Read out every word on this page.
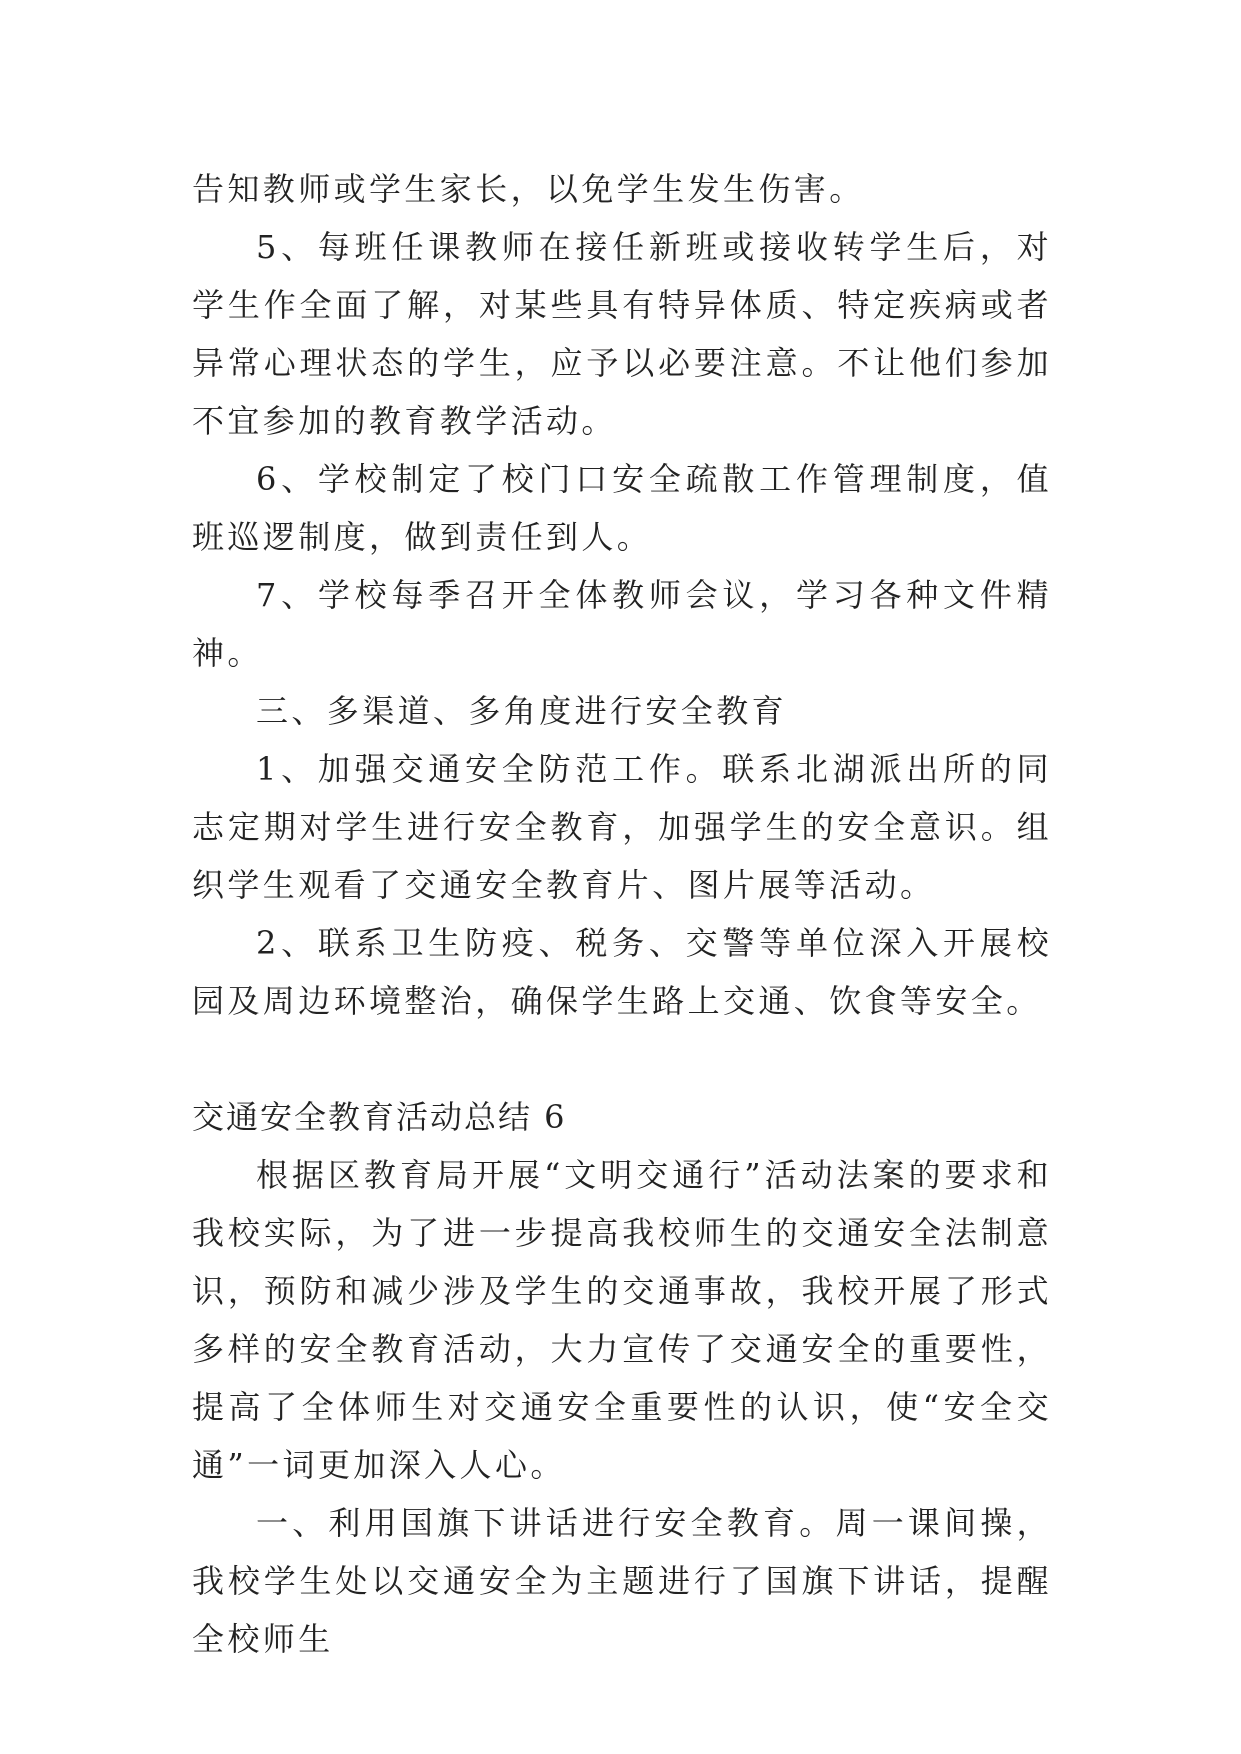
告知教师或学生家长，以免学生发生伤害。

5、每班任课教师在接任新班或接收转学生后，对学生作全面了解，对某些具有特异体质、特定疾病或者异常心理状态的学生，应予以必要注意。不让他们参加不宜参加的教育教学活动。

6、学校制定了校门口安全疏散工作管理制度，值班巡逻制度，做到责任到人。

7、学校每季召开全体教师会议，学习各种文件精神。

三、多渠道、多角度进行安全教育

1、加强交通安全防范工作。联系北湖派出所的同志定期对学生进行安全教育，加强学生的安全意识。组织学生观看了交通安全教育片、图片展等活动。

2、联系卫生防疫、税务、交警等单位深入开展校园及周边环境整治，确保学生路上交通、饮食等安全。

交通安全教育活动总结 6

根据区教育局开展“文明交通行”活动法案的要求和我校实际，为了进一步提高我校师生的交通安全法制意识，预防和减少涉及学生的交通事故，我校开展了形式多样的安全教育活动，大力宣传了交通安全的重要性，提高了全体师生对交通安全重要性的认识，使“安全交通”一词更加深入人心。

一、利用国旗下讲话进行安全教育。周一课间操，我校学生处以交通安全为主题进行了国旗下讲话，提醒全校师生
